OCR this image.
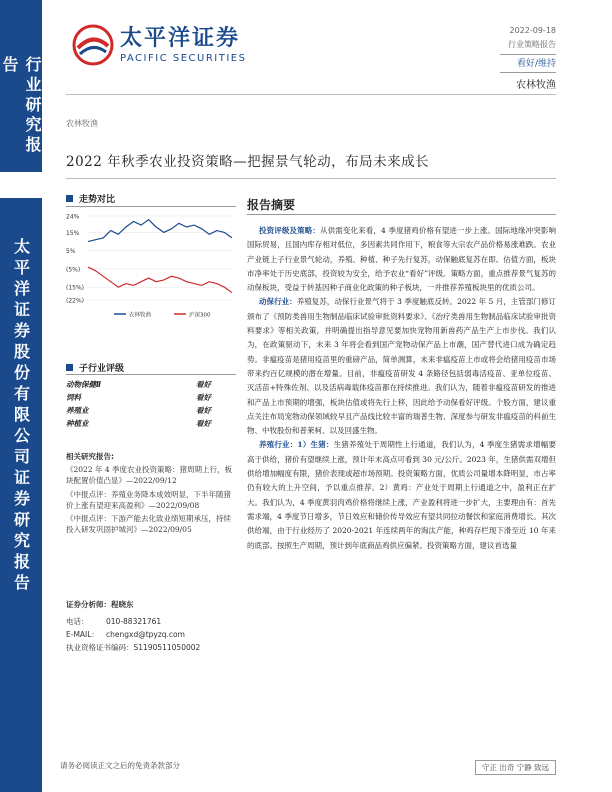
行业研究报告
太平洋证券股份有限公司证券研究报告
太平洋证券
PACIFIC SECURITIES
2022-09-18
行业策略报告
看好/维持
农林牧渔
农林牧渔
2022 年秋季农业投资策略—把握景气轮动，布局未来成长
走势对比
24%
15%
5%
(5%)
(15%)
(22%)
农林牧渔	沪深300
子行业评级
动物保健Ⅱ	看好
饲料	看好
养殖业	看好
种植业	看好
相关研究报告:

《2022 年 4 季度农业投资策略：猪周期上行，板块配置价值凸显》—2022/09/12

《中报点评：养殖业务降本成效明显，下半年随猪价上涨有望迎来高盈利》—2022/09/08

《中报点评：下游产能去化致业绩短期承压，持续投入研发巩固护城河》—2022/09/05

证券分析师：程晓东
电话：	010-88321761
E-MAIL： chengxd@tpyzq.com
执业资格证书编码： S1190511050002
报告摘要

投资评级及策略：从供需变化来看，4 季度猪鸡价格有望进一步上涨。国际地缘冲突影响国际贸易，且国内库存相对低位，多因素共同作用下，粮食等大宗农产品价格易涨难跌。农业产业链上子行业景气轮动，养殖、种植、种子先行复苏，动保触底复苏在即。估值方面，板块市净率处于历史底部，投资较为安全，给予农业“看好”评级。策略方面，重点推荐景气复苏的动保板块，受益于转基因种子商业化政策的种子板块，一并推荐养殖板块里的优质公司。

动保行业：养殖复苏，动保行业景气将于 3 季度触底反转。2022 年 5 月，主管部门修订颁布了《预防类兽用生物制品临床试验审批资料要求》、《治疗类兽用生物制品临床试验审批资料要求》等相关政策，并明确提出指导意见要加快宠物用新兽药产品生产上市步伐。我们认为，在政策驱动下，未来 3 年将会看到国产宠物动保产品上市潮，国产替代进口成为确定趋势。非瘟疫苗是猪用疫苗里的重磅产品，简单测算，未来非瘟疫苗上市或将会给猪用疫苗市场带来约百亿规模的潜在增量。目前，非瘟疫苗研发 4 条路径包括弱毒活疫苗、亚单位疫苗、灭活苗+特殊佐剂、以及活病毒载体疫苗都在持续推进。我们认为，随着非瘟疫苗研发的推进和产品上市预期的增强，板块估值或将先行上移，因此给予动保看好评级。个股方面，建议重点关注布局宠物动保领域较早且产品线比较丰富的瑞普生物、深度参与研发非瘟疫苗的科前生物、中牧股份和普莱柯、以及回盛生物。

养殖行业：1）生猪：生猪养殖处于周期性上行通道，我们认为，4 季度生猪需求增幅要高于供给，猪价有望继续上涨，预计年末高点可看到 30 元/公斤。2023 年，生猪供需双增但供给增加幅度有限，猪价表现或超市场预期。投资策略方面，优质公司量增本降明显，市占率仍有较大的上升空间，予以重点推荐。2）黄鸡：产业处于周期上行通道之中，盈利正在扩大。我们认为，4 季度黄羽肉鸡价格将继续上涨，产业盈利将进一步扩大，主要理由有：首先需求端，4 季度节日增多，节日效应和储价传导效应有望共同拉动餐饮和家庭消费增长。其次供给端，由于行业经历了 2020-2021 年连续两年的淘汰产能，种鸡存栏现下滑至近 10 年来的底部。按照生产周期，预计到年底商品鸡供应偏紧。投资策略方面，建议首选量

请务必阅读正文之后的免责条款部分	守正 出奇 宁静 致远
